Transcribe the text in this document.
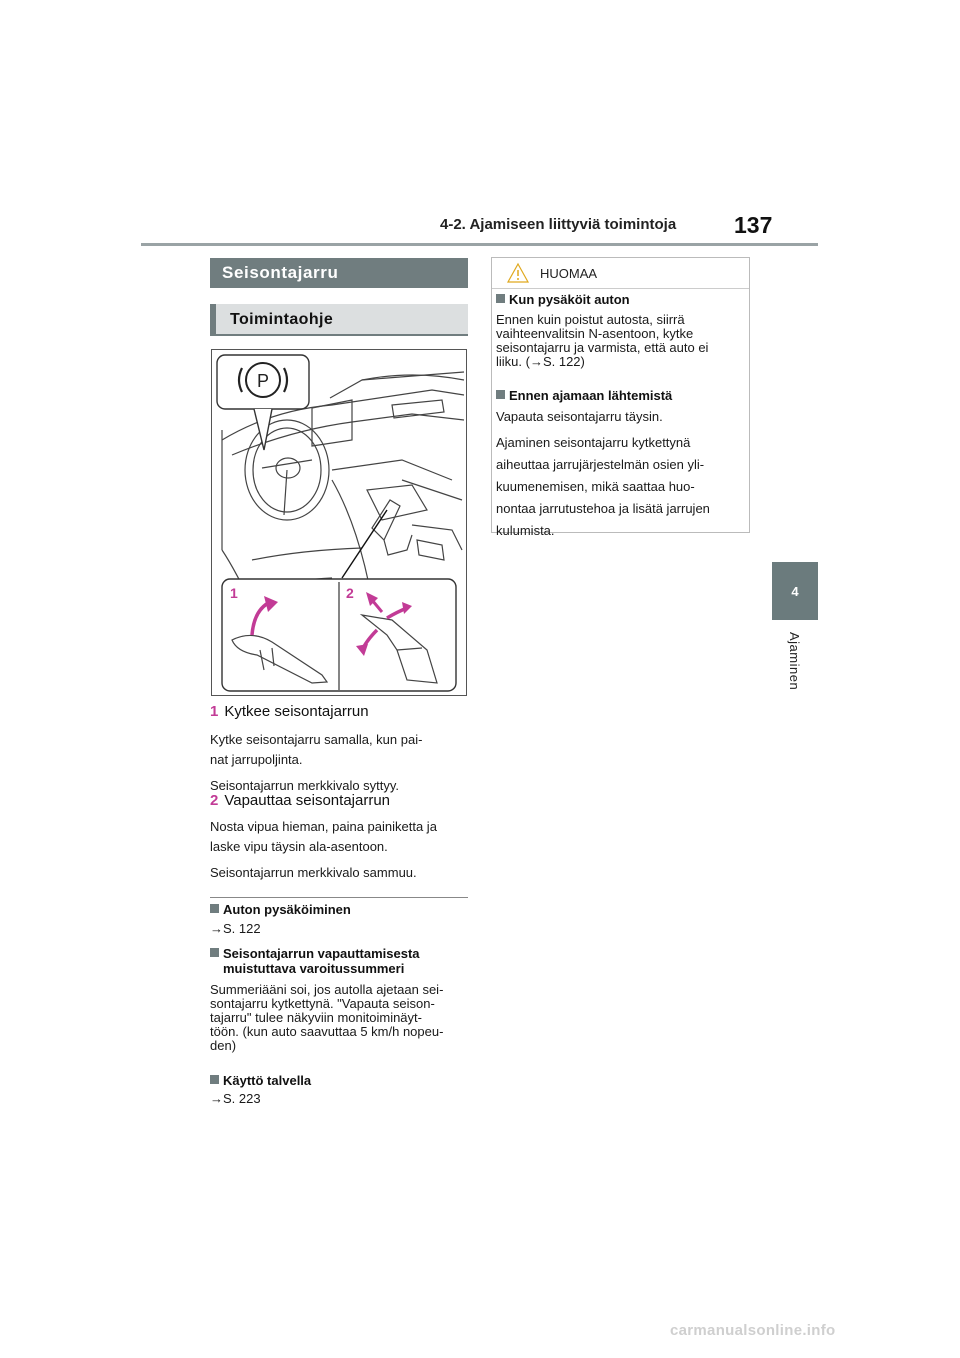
4-2. Ajamiseen liittyviä toimintoja	137
4
Ajaminen
Seisontajarru
Toimintaohje
P
1	2
1 Kytkee seisontajarrun

Kytke seisontajarru samalla, kun pai-

nat jarrupoljinta.

Seisontajarrun merkkivalo syttyy.

2 Vapauttaa seisontajarrun

Nosta vipua hieman, paina painiketta ja

laske vipu täysin ala-asentoon.

Seisontajarrun merkkivalo sammuu.

Auton pysäköiminen
→S. 122
Seisontajarrun vapauttamisesta
muistuttava varoitussummeri
Summeriääni soi, jos autolla ajetaan sei-
sontajarru kytkettynä. "Vapauta seison-
tajarru" tulee näkyviin monitoiminäyt-
töön. (kun auto saavuttaa 5 km/h nopeu-
den)
Käyttö talvella
→S. 223
HUOMAA
Kun pysäköit auton
Ennen kuin poistut autosta, siirrä
vaihteenvalitsin N-asentoon, kytke
seisontajarru ja varmista, että auto ei
liiku. (→S. 122)
Ennen ajamaan lähtemistä

Vapauta seisontajarru täysin.

Ajaminen seisontajarru kytkettynä
aiheuttaa jarrujärjestelmän osien yli-
kuumenemisen, mikä saattaa huo-
nontaa jarrutustehoa ja lisätä jarrujen
kulumista.
carmanualsonline.info
